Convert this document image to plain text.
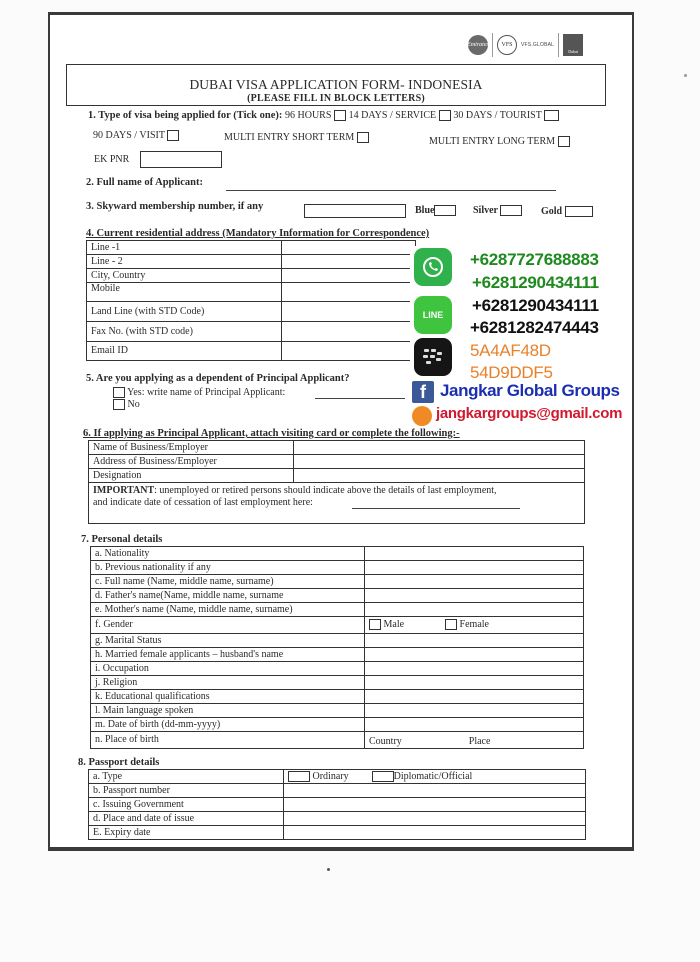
Emirates	VFS	VFS.GLOBAL
Dubai
DUBAI VISA APPLICATION FORM- INDONESIA
(PLEASE FILL IN BLOCK LETTERS)
1. Type of visa being applied for (Tick one): 96 HOURS 14 DAYS / SERVICE 30 DAYS / TOURIST
90 DAYS / VISIT	MULTI ENTRY SHORT TERM	MULTI ENTRY LONG TERM
EK PNR
2. Full name of Applicant:
3. Skyward membership number, if any	Blue	Silver	Gold
4. Current residential address (Mandatory Information for Correspondence)
Line -1	
Line - 2	
City, Country	
Mobile	
Land Line (with STD Code)	
Fax No. (with STD code)	
Email ID	
5. Are you applying as a dependent of Principal Applicant?
Yes: write name of Principal Applicant:
No
6. If applying as Principal Applicant, attach visiting card or complete the following:-
Name of Business/Employer	
Address of Business/Employer	
Designation	
IMPORTANT: unemployed or retired persons should indicate above the details of last employment,
and indicate date of cessation of last employment here:	
7. Personal details
a. Nationality	
b. Previous nationality if any	
c. Full name (Name, middle name, surname)	
d. Father's name(Name, middle name, surname	
e. Mother's name (Name, middle name, surname)	
f. Gender	Male Female
g. Marital Status	
h. Married female applicants – husband's name	
i. Occupation	
j. Religion	
k. Educational qualifications	
l. Main language spoken	
m. Date of birth (dd-mm-yyyy)	
n. Place of birth	Country Place
8. Passport details
a. Type	Ordinary Diplomatic/Official
b. Passport number	
c. Issuing Government	
d. Place and date of issue	
E. Expiry date	
+6287727688883
+6281290434111
LINE +6281290434111
+6281282474443
5A4AF48D
54D9DDF5
f Jangkar Global Groups
jangkargroups@gmail.com
